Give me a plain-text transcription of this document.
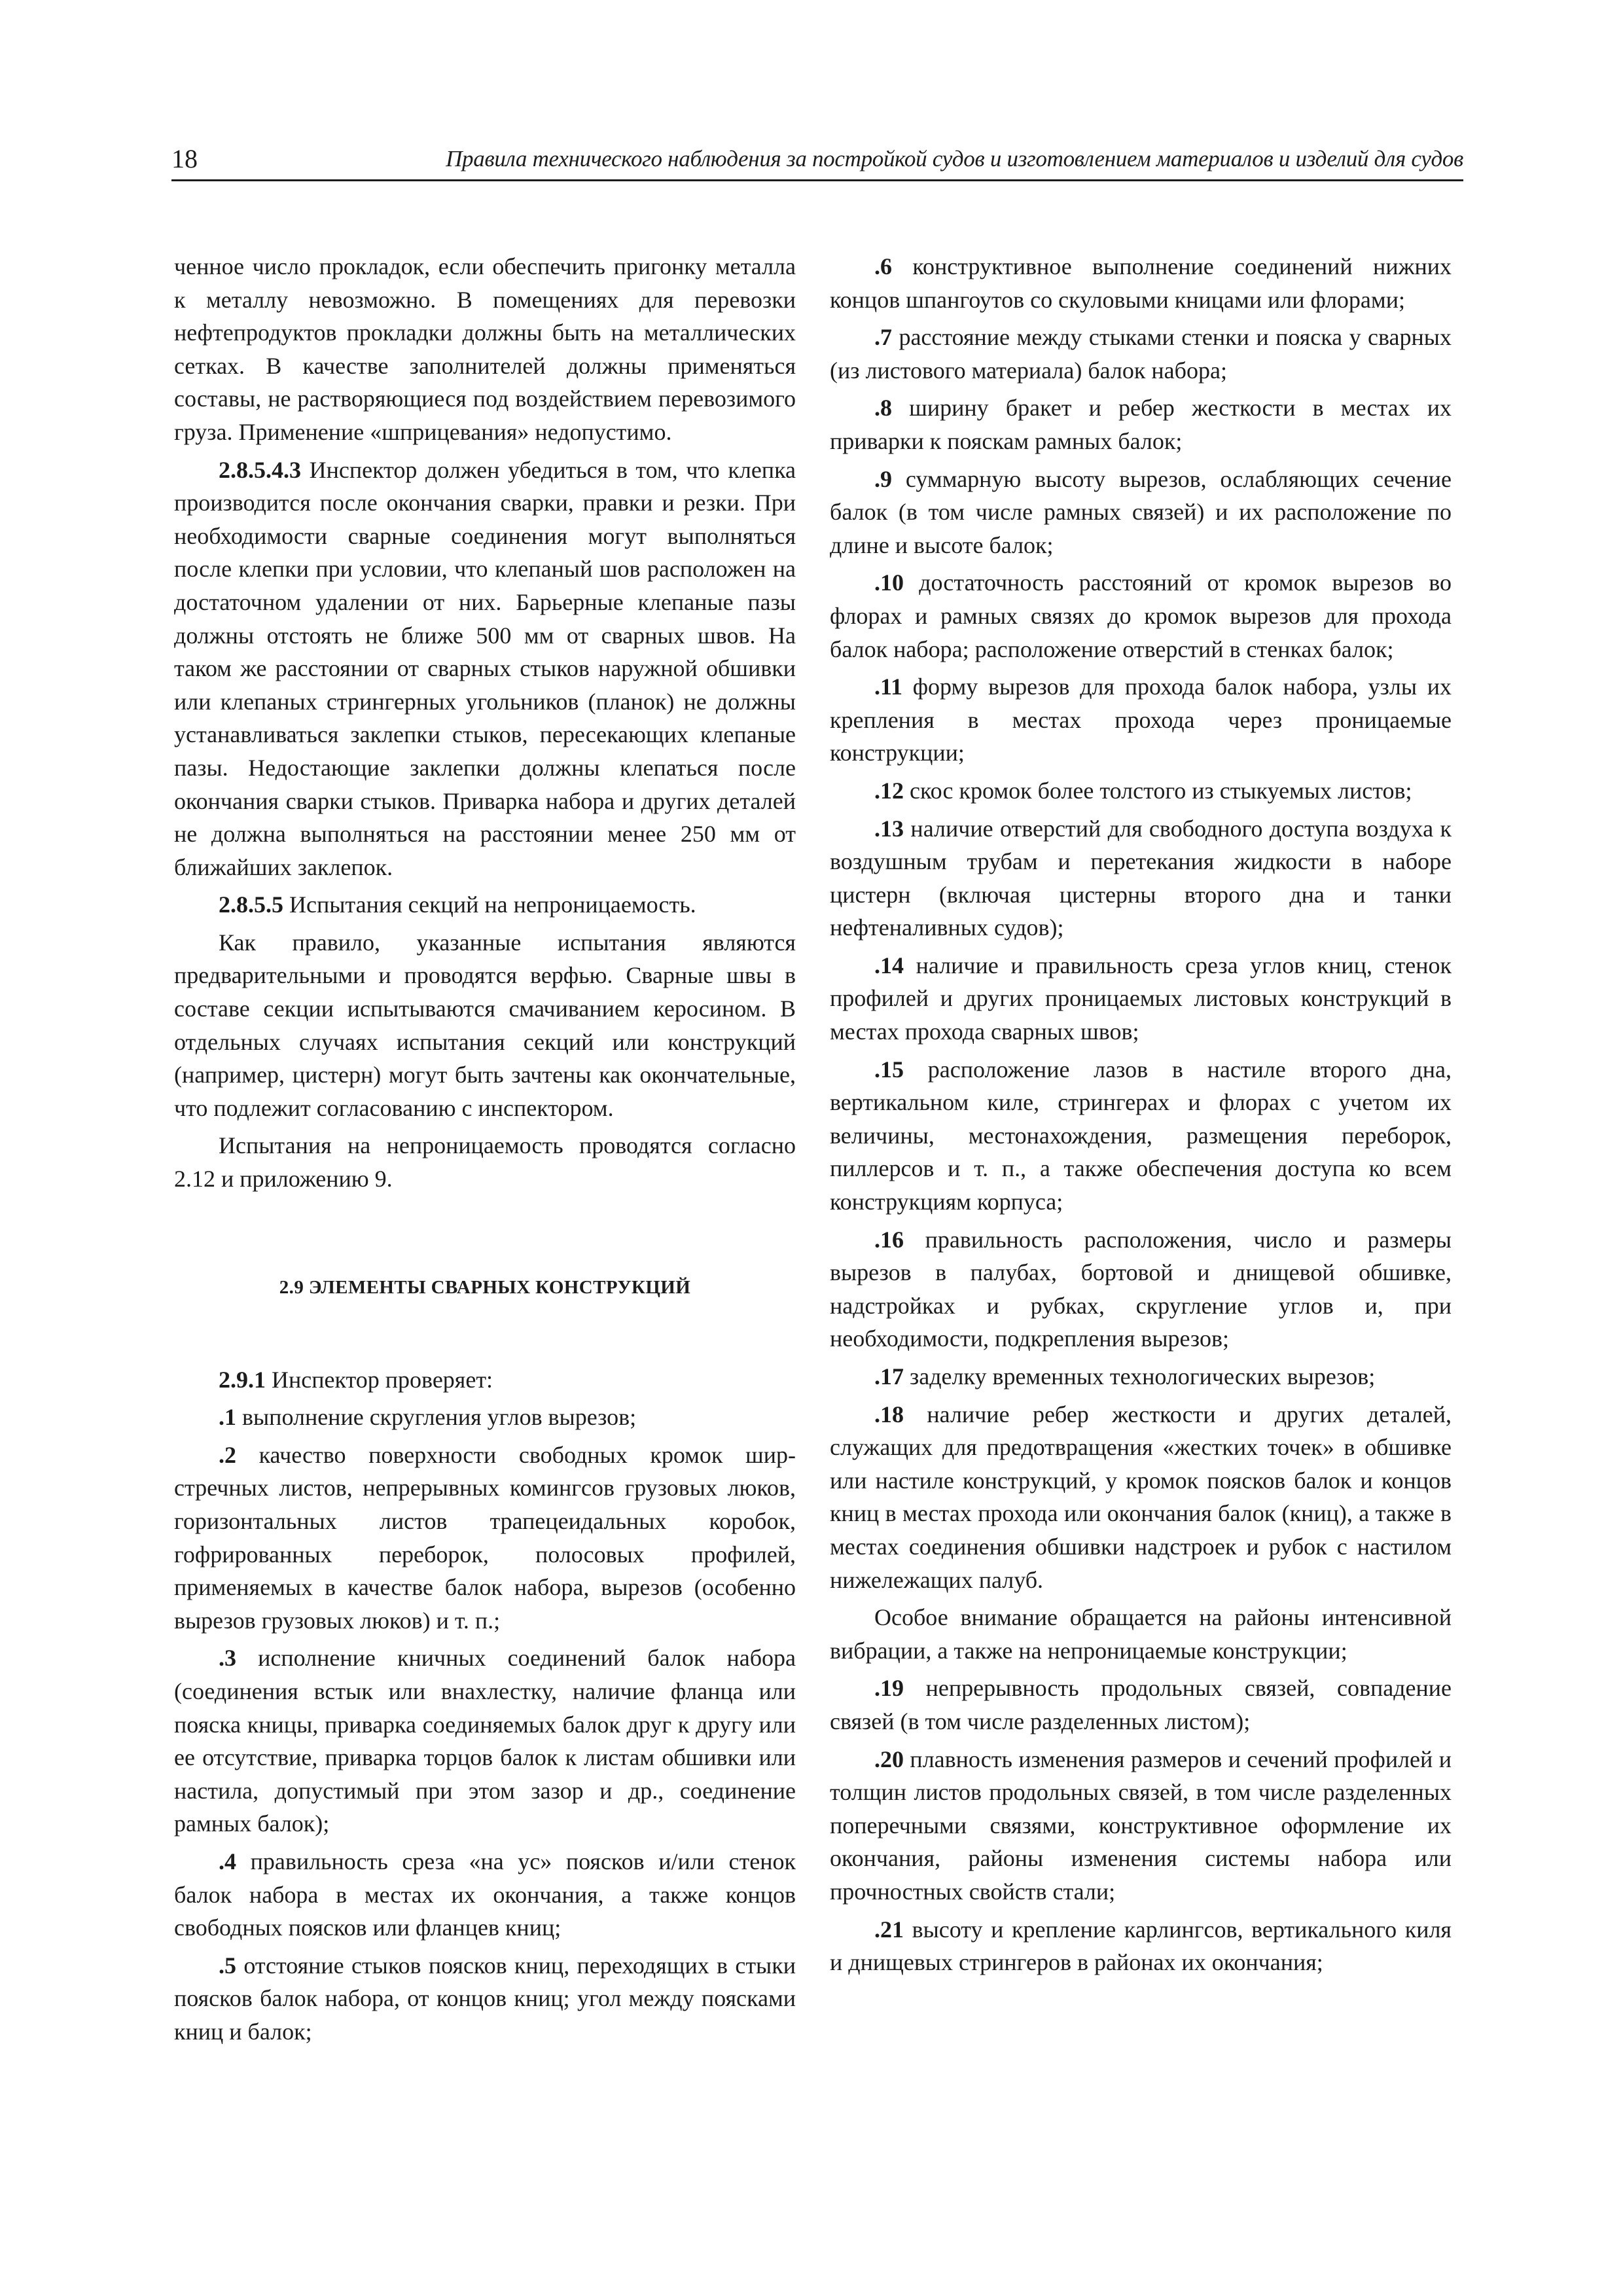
18	Правила технического наблюдения за постройкой судов и изготовлением материалов и изделий для судов

ченное число прокладок, если обеспечить пригонку металла к металлу невозможно. В помещениях для перевозки нефтепродуктов прокладки должны быть на металлических сетках. В качестве заполнителей должны применяться составы, не растворяющиеся под воздействием перевозимого груза. Применение «шприцевания» недопустимо.

2.8.5.4.3 Инспектор должен убедиться в том, что клепка производится после окончания сварки, правки и резки. При необходимости сварные соединения могут выполняться после клепки при условии, что клепаный шов расположен на достаточном удалении от них. Барьерные клепаные пазы должны отстоять не ближе 500 мм от сварных швов. На таком же расстоянии от сварных стыков наружной обшивки или клепаных стрингерных угольников (планок) не должны устанавливаться заклепки стыков, пересекающих клепаные пазы. Недостающие заклепки должны клепаться после окончания сварки стыков. Приварка набора и других деталей не должна выполняться на расстоянии менее 250 мм от ближайших заклепок.

2.8.5.5 Испытания секций на непроницаемость.

Как правило, указанные испытания являются предварительными и проводятся верфью. Сварные швы в составе секции испытываются смачиванием керосином. В отдельных случаях испытания секций или конструкций (например, цистерн) могут быть зачтены как окончательные, что подлежит согласованию с инспектором.

Испытания на непроницаемость проводятся согласно 2.12 и приложению 9.

2.9 ЭЛЕМЕНТЫ СВАРНЫХ КОНСТРУКЦИЙ

2.9.1 Инспектор проверяет:

.1 выполнение скругления углов вырезов;

.2 качество поверхности свободных кромок ширстречных листов, непрерывных комингсов грузовых люков, горизонтальных листов трапецеидальных коробок, гофрированных переборок, полосовых профилей, применяемых в качестве балок набора, вырезов (особенно вырезов грузовых люков) и т. п.;

.3 исполнение кничных соединений балок набора (соединения встык или внахлестку, наличие фланца или пояска кницы, приварка соединяемых балок друг к другу или ее отсутствие, приварка торцов балок к листам обшивки или настила, допустимый при этом зазор и др., соединение рамных балок);

.4 правильность среза «на ус» поясков и/или стенок балок набора в местах их окончания, а также концов свободных поясков или фланцев книц;

.5 отстояние стыков поясков книц, переходящих в стыки поясков балок набора, от концов книц; угол между поясками книц и балок;

.6 конструктивное выполнение соединений нижних концов шпангоутов со скуловыми кницами или флорами;

.7 расстояние между стыками стенки и пояска у сварных (из листового материала) балок набора;

.8 ширину бракет и ребер жесткости в местах их приварки к пояскам рамных балок;

.9 суммарную высоту вырезов, ослабляющих сечение балок (в том числе рамных связей) и их расположение по длине и высоте балок;

.10 достаточность расстояний от кромок вырезов во флорах и рамных связях до кромок вырезов для прохода балок набора; расположение отверстий в стенках балок;

.11 форму вырезов для прохода балок набора, узлы их крепления в местах прохода через проницаемые конструкции;

.12 скос кромок более толстого из стыкуемых листов;

.13 наличие отверстий для свободного доступа воздуха к воздушным трубам и перетекания жидкости в наборе цистерн (включая цистерны второго дна и танки нефтеналивных судов);

.14 наличие и правильность среза углов книц, стенок профилей и других проницаемых листовых конструкций в местах прохода сварных швов;

.15 расположение лазов в настиле второго дна, вертикальном киле, стрингерах и флорах с учетом их величины, местонахождения, размещения переборок, пиллерсов и т. п., а также обеспечения доступа ко всем конструкциям корпуса;

.16 правильность расположения, число и размеры вырезов в палубах, бортовой и днищевой обшивке, надстройках и рубках, скругление углов и, при необходимости, подкрепления вырезов;

.17 заделку временных технологических вырезов;

.18 наличие ребер жесткости и других деталей, служащих для предотвращения «жестких точек» в обшивке или настиле конструкций, у кромок поясков балок и концов книц в местах прохода или окончания балок (книц), а также в местах соединения обшивки надстроек и рубок с настилом нижележащих палуб.

Особое внимание обращается на районы интенсивной вибрации, а также на непроницаемые конструкции;

.19 непрерывность продольных связей, совпадение связей (в том числе разделенных листом);

.20 плавность изменения размеров и сечений профилей и толщин листов продольных связей, в том числе разделенных поперечными связями, конструктивное оформление их окончания, районы изменения системы набора или прочностных свойств стали;

.21 высоту и крепление карлингсов, вертикального киля и днищевых стрингеров в районах их окончания;
